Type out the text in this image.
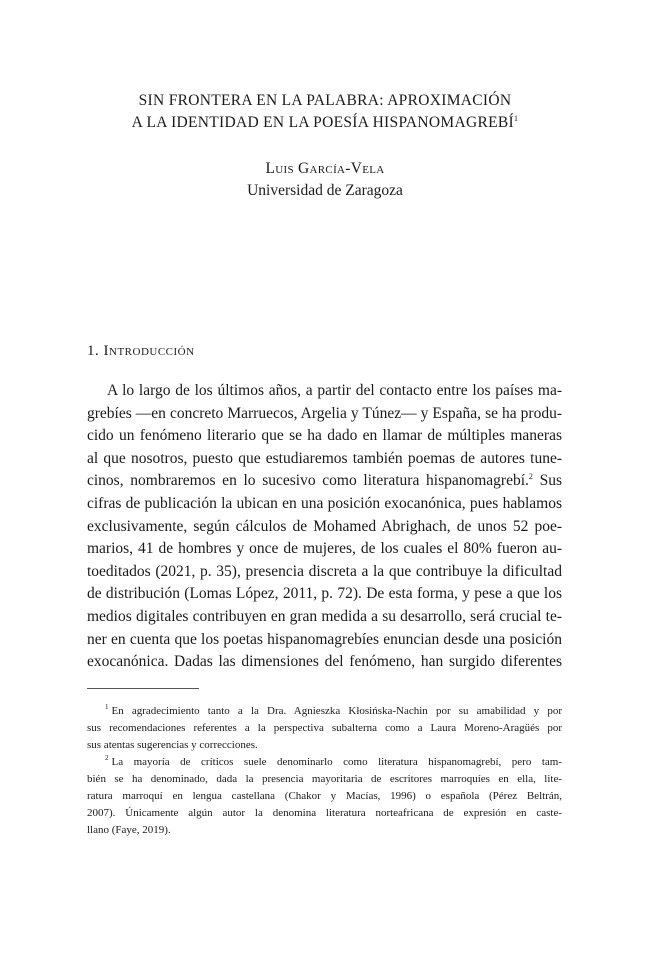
SIN FRONTERA EN LA PALABRA: APROXIMACIÓN
A LA IDENTIDAD EN LA POESÍA HISPANOMAGREBÍ$^1$
Luis García-Vela
Universidad de Zaragoza
1. Introducción
A lo largo de los últimos años, a partir del contacto entre los países ma-
grebíes —en concreto Marruecos, Argelia y Túnez— y España, se ha produ-
cido un fenómeno literario que se ha dado en llamar de múltiples maneras
al que nosotros, puesto que estudiaremos también poemas de autores tune-
cinos, nombraremos en lo sucesivo como literatura hispanomagrebí.$^2$ Sus
cifras de publicación la ubican en una posición exocanónica, pues hablamos
exclusivamente, según cálculos de Mohamed Abrighach, de unos 52 poe-
marios, 41 de hombres y once de mujeres, de los cuales el 80% fueron au-
toeditados (2021, p. 35), presencia discreta a la que contribuye la dificultad
de distribución (Lomas López, 2011, p. 72). De esta forma, y pese a que los
medios digitales contribuyen en gran medida a su desarrollo, será crucial te-
ner en cuenta que los poetas hispanomagrebíes enuncian desde una posición
exocanónica. Dadas las dimensiones del fenómeno, han surgido diferentes
$^1$ En agradecimiento tanto a la Dra. Agnieszka Kłosińska-Nachin por su amabilidad y por
sus recomendaciones referentes a la perspectiva subalterna como a Laura Moreno-Aragüés por
sus atentas sugerencias y correcciones.
$^2$ La mayoría de críticos suele denominarlo como literatura hispanomagrebí, pero tam-
bién se ha denominado, dada la presencia mayoritaria de escritores marroquíes en ella, lite-
ratura marroquí en lengua castellana (Chakor y Macías, 1996) o española (Pérez Beltrán,
2007). Únicamente algún autor la denomina literatura norteafricana de expresión en caste-
llano (Faye, 2019).
